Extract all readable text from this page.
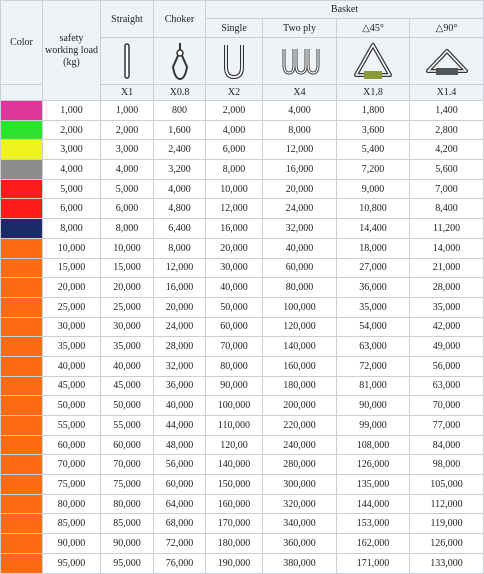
Color	safety working load (kg)	Straight	Choker	Basket			
				Single	Two ply	△45°	△90°

		X1	X0.8	X2	X4	X1.8	X1.4
	1,000	1,000	800	2,000	4,000	1,800	1,400
	2,000	2,000	1,600	4,000	8,000	3,600	2,800
	3,000	3,000	2,400	6,000	12,000	5,400	4,200
	4,000	4,000	3,200	8,000	16,000	7,200	5,600
	5,000	5,000	4,000	10,000	20,000	9,000	7,000
	6,000	6,000	4,800	12,000	24,000	10,800	8,400
	8,000	8,000	6,400	16,000	32,000	14,400	11,200
	10,000	10,000	8,000	20,000	40,000	18,000	14,000
	15,000	15,000	12,000	30,000	60,000	27,000	21,000
	20,000	20,000	16,000	40,000	80,000	36,000	28,000
	25,000	25,000	20,000	50,000	100,000	35,000	35,000
	30,000	30,000	24,000	60,000	120,000	54,000	42,000
	35,000	35,000	28,000	70,000	140,000	63,000	49,000
	40,000	40,000	32,000	80,000	160,000	72,000	56,000
	45,000	45,000	36,000	90,000	180,000	81,000	63,000
	50,000	50,000	40,000	100,000	200,000	90,000	70,000
	55,000	55,000	44,000	110,000	220,000	99,000	77,000
	60,000	60,000	48,000	120,00	240,000	108,000	84,000
	70,000	70,000	56,000	140,000	280,000	126,000	98,000
	75,000	75,000	60,000	150,000	300,000	135,000	105,000
	80,000	80,000	64,000	160,000	320,000	144,000	112,000
	85,000	85,000	68,000	170,000	340,000	153,000	119,000
	90,000	90,000	72,000	180,000	360,000	162,000	126,000
	95,000	95,000	76,000	190,000	380,000	171,000	133,000
